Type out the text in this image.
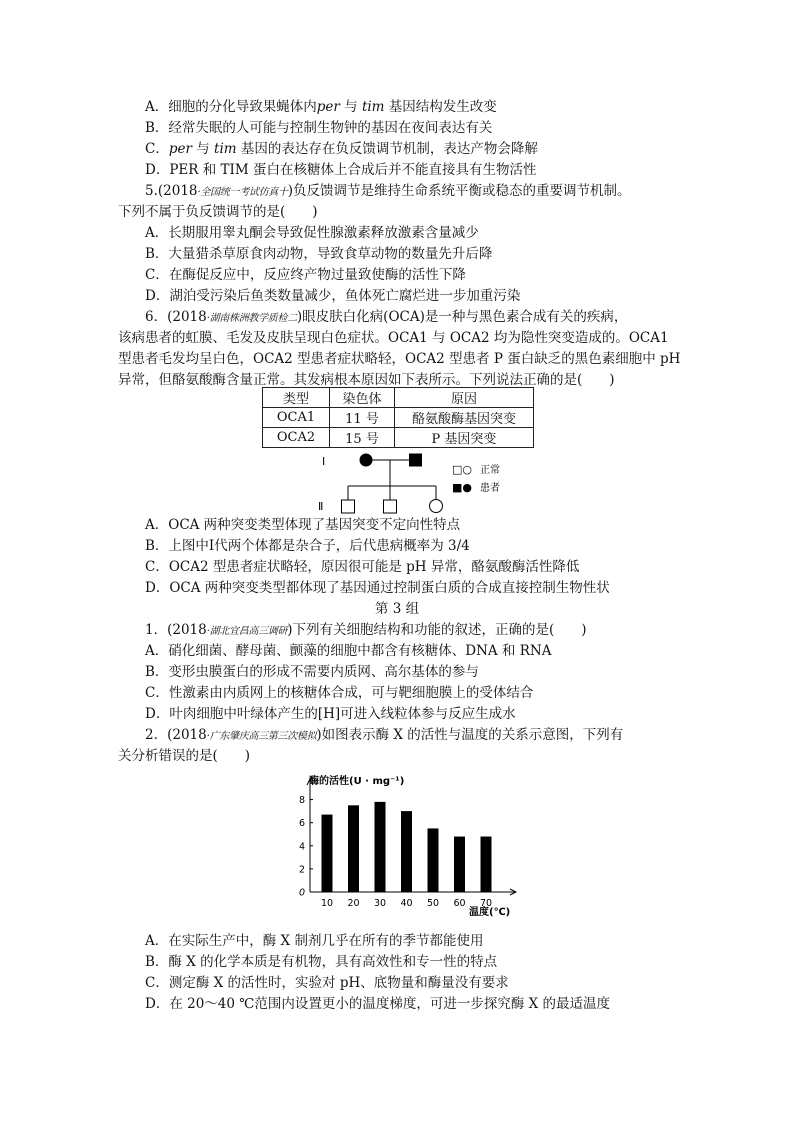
A．细胞的分化导致果蝇体内per 与 tim 基因结构发生改变
B．经常失眠的人可能与控制生物钟的基因在夜间表达有关
C．per 与 tim 基因的表达存在负反馈调节机制，表达产物会降解
D．PER 和 TIM 蛋白在核糖体上合成后并不能直接具有生物活性
5.(2018·全国统一考试仿真十)负反馈调节是维持生命系统平衡或稳态的重要调节机制。
下列不属于负反馈调节的是(　　)
A．长期服用睾丸酮会导致促性腺激素释放激素含量减少
B．大量猎杀草原食肉动物，导致食草动物的数量先升后降
C．在酶促反应中，反应终产物过量致使酶的活性下降
D．湖泊受污染后鱼类数量减少，鱼体死亡腐烂进一步加重污染
6．(2018·湖南株洲教学质检二)眼皮肤白化病(OCA)是一种与黑色素合成有关的疾病，
该病患者的虹膜、毛发及皮肤呈现白色症状。OCA1 与 OCA2 均为隐性突变造成的。OCA1
型患者毛发均呈白色，OCA2 型患者症状略轻，OCA2 型患者 P 蛋白缺乏的黑色素细胞中 pH
异常，但酪氨酸酶含量正常。其发病根本原因如下表所示。下列说法正确的是(　　)
类型	染色体	原因
OCA1	11 号	酪氨酸酶基因突变
OCA2	15 号	P 基因突变
Ⅰ
Ⅱ
□○ 正常
■● 患者
A．OCA 两种突变类型体现了基因突变不定向性特点
B．上图中Ⅰ代两个体都是杂合子，后代患病概率为 3/4
C．OCA2 型患者症状略轻，原因很可能是 pH 异常，酪氨酸酶活性降低
D．OCA 两种突变类型都体现了基因通过控制蛋白质的合成直接控制生物性状
第 3 组
1．(2018·湖北宜昌高三调研)下列有关细胞结构和功能的叙述，正确的是(　　)
A．硝化细菌、酵母菌、颤藻的细胞中都含有核糖体、DNA 和 RNA
B．变形虫膜蛋白的形成不需要内质网、高尔基体的参与
C．性激素由内质网上的核糖体合成，可与靶细胞膜上的受体结合
D．叶肉细胞中叶绿体产生的[H]可进入线粒体参与反应生成水
2．(2018·广东肇庆高三第三次模拟)如图表示酶 X 的活性与温度的关系示意图，下列有
关分析错误的是(　　)
酶的活性(U · mg⁻¹)
温度(℃)
0
2
4
6
8
10 20 30 40 50 60 70
A．在实际生产中，酶 X 制剂几乎在所有的季节都能使用
B．酶 X 的化学本质是有机物，具有高效性和专一性的特点
C．测定酶 X 的活性时，实验对 pH、底物量和酶量没有要求
D．在 20～40 ℃范围内设置更小的温度梯度，可进一步探究酶 X 的最适温度
